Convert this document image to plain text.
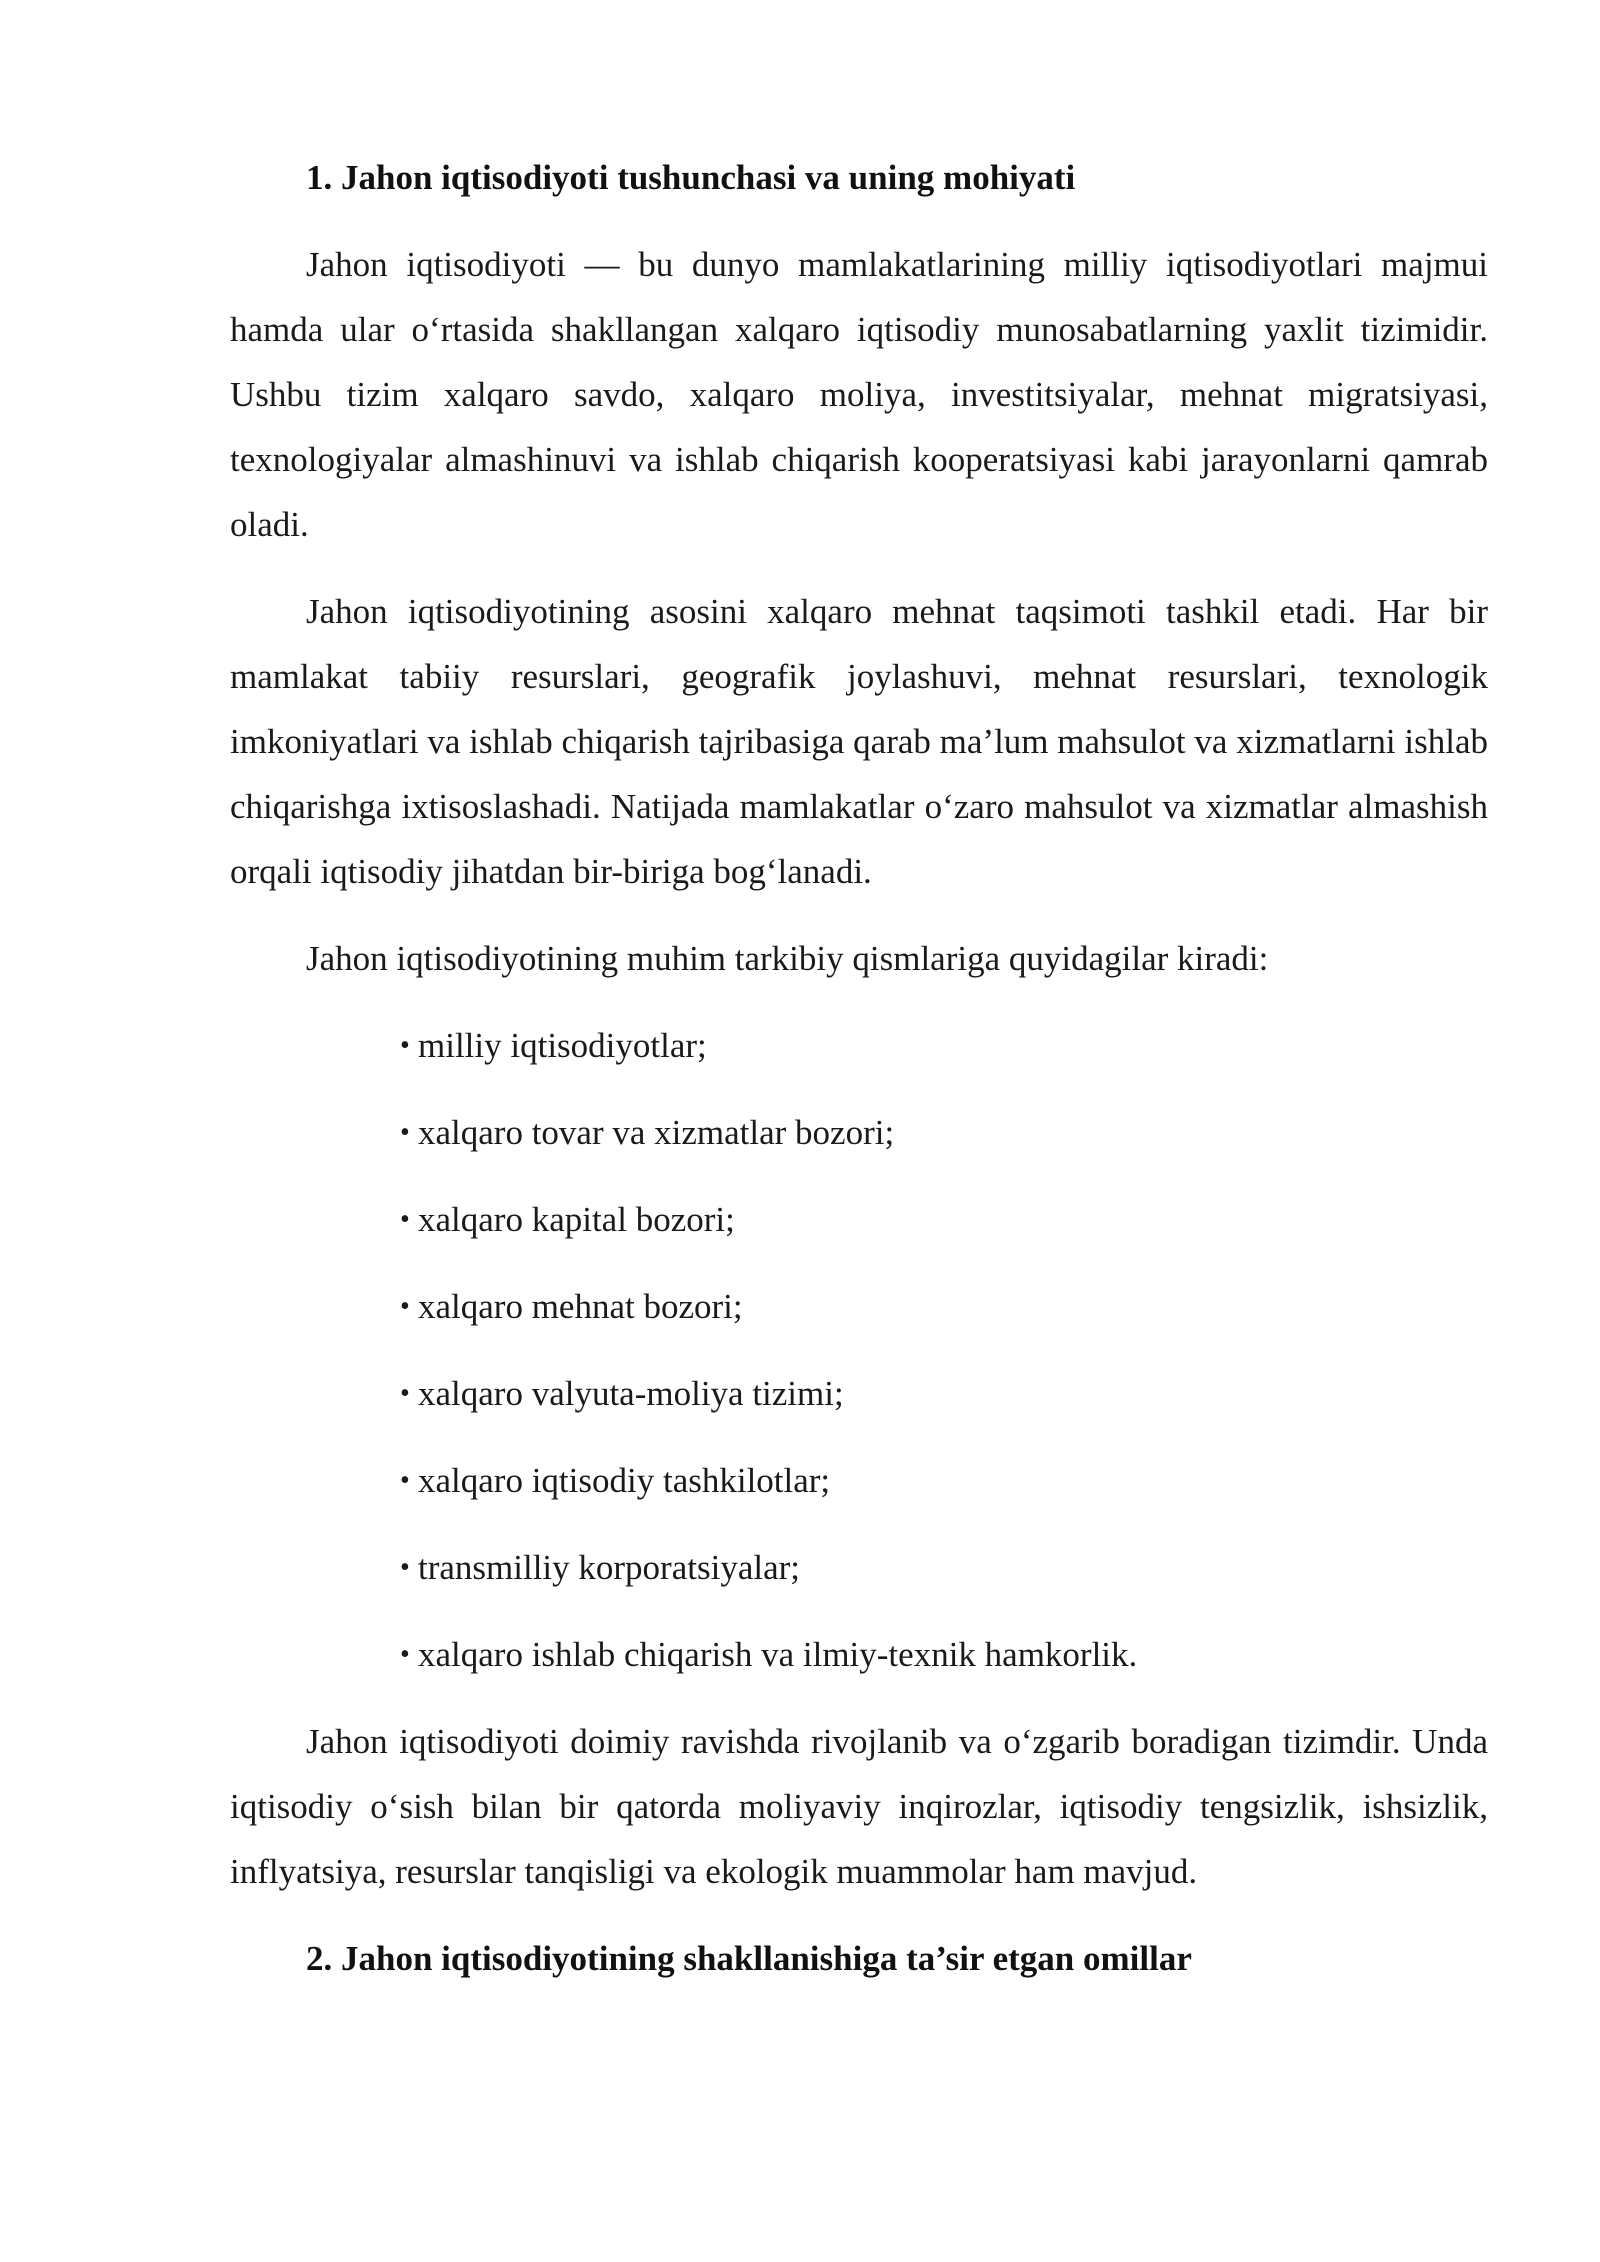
1. Jahon iqtisodiyoti tushunchasi va uning mohiyati

Jahon iqtisodiyoti — bu dunyo mamlakatlarining milliy iqtisodiyotlari majmui hamda ular o‘rtasida shakllangan xalqaro iqtisodiy munosabatlarning yaxlit tizimidir. Ushbu tizim xalqaro savdo, xalqaro moliya, investitsiyalar, mehnat migratsiyasi, texnologiyalar almashinuvi va ishlab chiqarish kooperatsiyasi kabi jarayonlarni qamrab oladi.

Jahon iqtisodiyotining asosini xalqaro mehnat taqsimoti tashkil etadi. Har bir mamlakat tabiiy resurslari, geografik joylashuvi, mehnat resurslari, texnologik imkoniyatlari va ishlab chiqarish tajribasiga qarab ma’lum mahsulot va xizmatlarni ishlab chiqarishga ixtisoslashadi. Natijada mamlakatlar o‘zaro mahsulot va xizmatlar almashish orqali iqtisodiy jihatdan bir-biriga bog‘lanadi.

Jahon iqtisodiyotining muhim tarkibiy qismlariga quyidagilar kiradi:

• milliy iqtisodiyotlar;
• xalqaro tovar va xizmatlar bozori;
• xalqaro kapital bozori;
• xalqaro mehnat bozori;
• xalqaro valyuta-moliya tizimi;
• xalqaro iqtisodiy tashkilotlar;
• transmilliy korporatsiyalar;
• xalqaro ishlab chiqarish va ilmiy-texnik hamkorlik.

Jahon iqtisodiyoti doimiy ravishda rivojlanib va o‘zgarib boradigan tizimdir. Unda iqtisodiy o‘sish bilan bir qatorda moliyaviy inqirozlar, iqtisodiy tengsizlik, ishsizlik, inflyatsiya, resurslar tanqisligi va ekologik muammolar ham mavjud.

2. Jahon iqtisodiyotining shakllanishiga ta’sir etgan omillar
